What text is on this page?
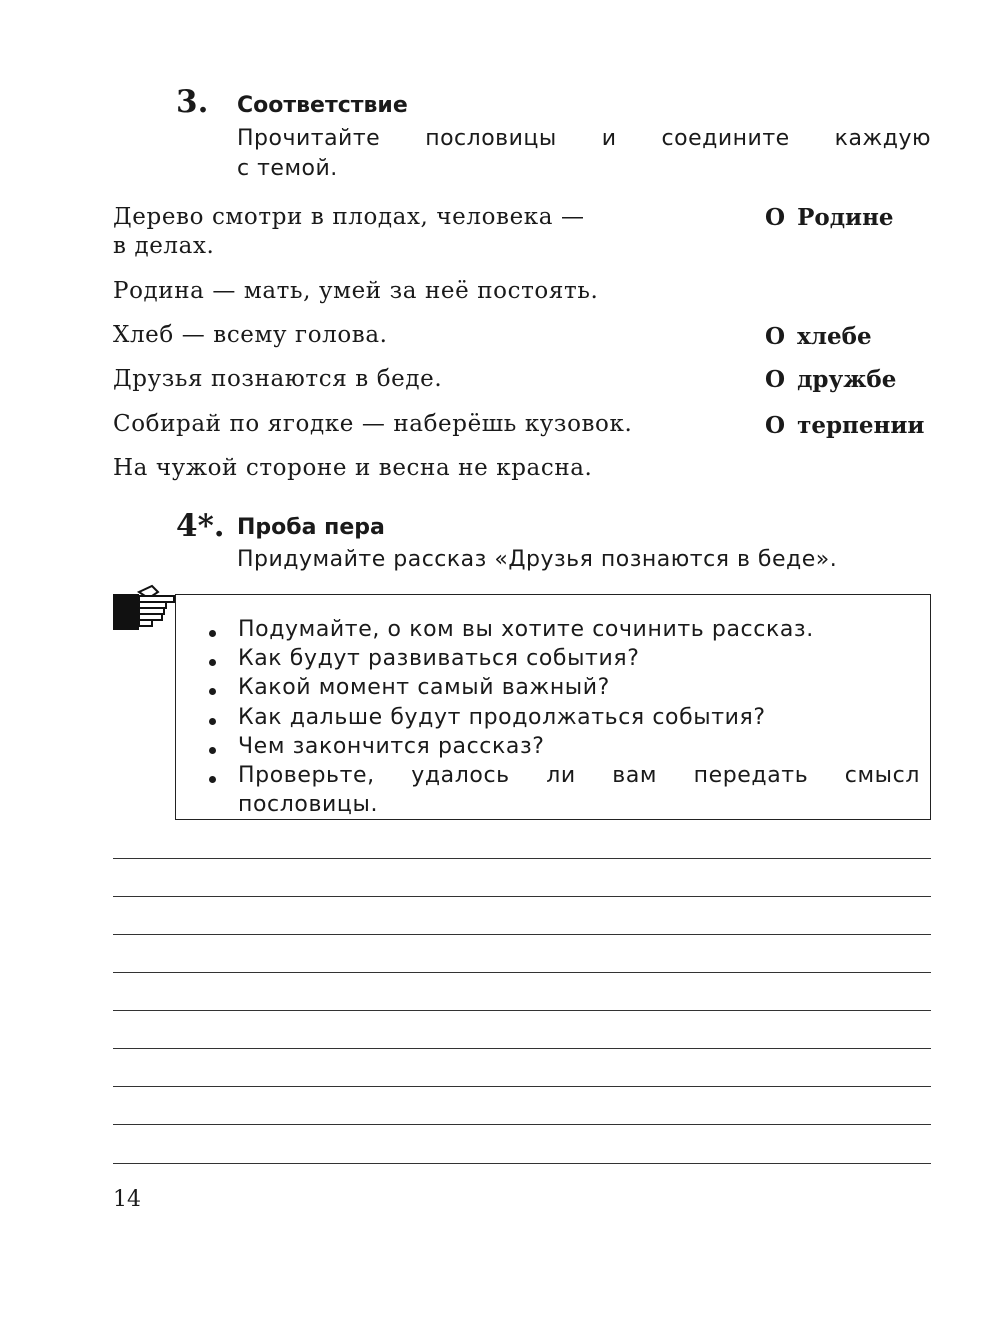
3. Соответствие
Прочитайте пословицы и соедините каждую
с темой.
Дерево смотри в плодах, человека —
в делах.
Родина — мать, умей за неё постоять.
Хлеб — всему голова.
Друзья познаются в беде.
Собирай по ягодке — наберёшь кузовок.
На чужой стороне и весна не красна.
О Родине
О хлебе
О дружбе
О терпении
4*. Проба пера
Придумайте рассказ «Друзья познаются в беде».
Подумайте, о ком вы хотите сочинить рассказ.
Как будут развиваться события?
Какой момент самый важный?
Как дальше будут продолжаться события?
Чем закончится рассказ?
Проверьте, удалось ли вам передать смысл
пословицы.
14
